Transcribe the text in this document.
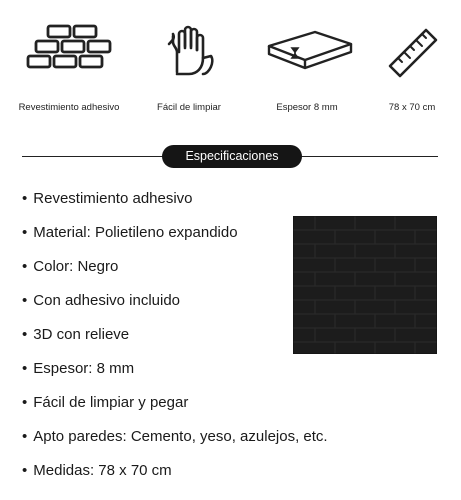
Revestimiento adhesivo	Fácil de limpiar	Espesor 8 mm	78 x 70 cm
Especificaciones
• Revestimiento adhesivo
• Material: Polietileno expandido
• Color: Negro
• Con adhesivo incluido
• 3D con relieve
• Espesor: 8 mm
• Fácil de limpiar y pegar
• Apto paredes: Cemento, yeso, azulejos, etc.
• Medidas: 78 x 70 cm
